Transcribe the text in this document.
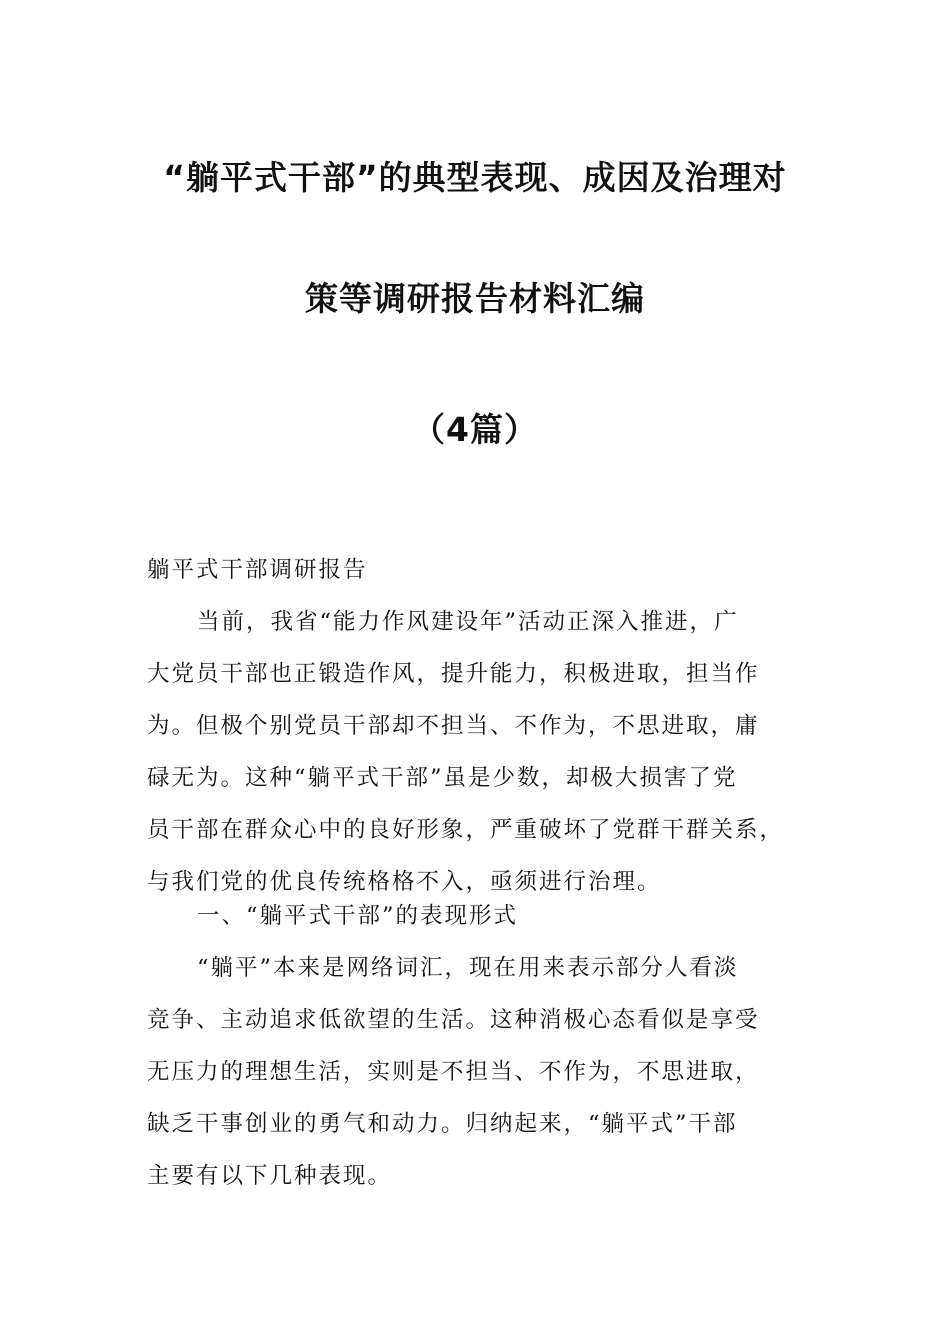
“躺平式干部”的典型表现、成因及治理对
策等调研报告材料汇编
（4篇）
躺平式干部调研报告
当前，我省“能力作风建设年”活动正深入推进，广
大党员干部也正锻造作风，提升能力，积极进取，担当作
为。但极个别党员干部却不担当、不作为，不思进取，庸
碌无为。这种“躺平式干部”虽是少数，却极大损害了党
员干部在群众心中的良好形象，严重破坏了党群干群关系，
与我们党的优良传统格格不入，亟须进行治理。
一、“躺平式干部”的表现形式
“躺平”本来是网络词汇，现在用来表示部分人看淡
竞争、主动追求低欲望的生活。这种消极心态看似是享受
无压力的理想生活，实则是不担当、不作为，不思进取，
缺乏干事创业的勇气和动力。归纳起来，“躺平式”干部
主要有以下几种表现。
